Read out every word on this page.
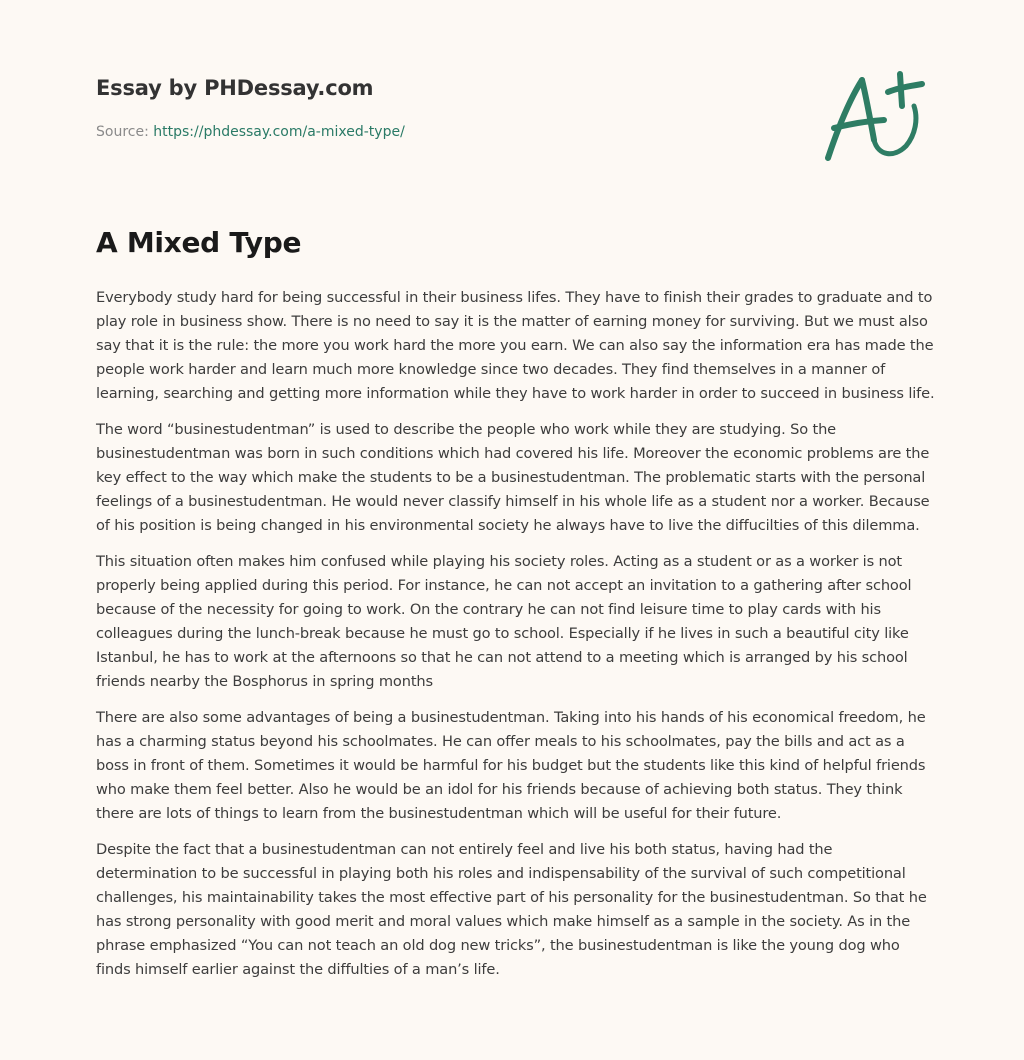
Essay by PHDessay.com
Source: https://phdessay.com/a-mixed-type/
A Mixed Type

Everybody study hard for being successful in their business lifes. They have to finish their grades to graduate and to play role in business show. There is no need to say it is the matter of earning money for surviving. But we must also say that it is the rule: the more you work hard the more you earn. We can also say the information era has made the people work harder and learn much more knowledge since two decades. They find themselves in a manner of learning, searching and getting more information while they have to work harder in order to succeed in business life.

The word “businestudentman” is used to describe the people who work while they are studying. So the businestudentman was born in such conditions which had covered his life. Moreover the economic problems are the key effect to the way which make the students to be a businestudentman. The problematic starts with the personal feelings of a businestudentman. He would never classify himself in his whole life as a student nor a worker. Because of his position is being changed in his environmental society he always have to live the diffucilties of this dilemma.

This situation often makes him confused while playing his society roles. Acting as a student or as a worker is not properly being applied during this period. For instance, he can not accept an invitation to a gathering after school because of the necessity for going to work. On the contrary he can not find leisure time to play cards with his colleagues during the lunch-break because he must go to school. Especially if he lives in such a beautiful city like Istanbul, he has to work at the afternoons so that he can not attend to a meeting which is arranged by his school friends nearby the Bosphorus in spring months

There are also some advantages of being a businestudentman. Taking into his hands of his economical freedom, he has a charming status beyond his schoolmates. He can offer meals to his schoolmates, pay the bills and act as a boss in front of them. Sometimes it would be harmful for his budget but the students like this kind of helpful friends who make them feel better. Also he would be an idol for his friends because of achieving both status. They think there are lots of things to learn from the businestudentman which will be useful for their future.

Despite the fact that a businestudentman can not entirely feel and live his both status, having had the determination to be successful in playing both his roles and indispensability of the survival of such competitional challenges, his maintainability takes the most effective part of his personality for the businestudentman. So that he has strong personality with good merit and moral values which make himself as a sample in the society. As in the phrase emphasized “You can not teach an old dog new tricks”, the businestudentman is like the young dog who finds himself earlier against the diffulties of a man’s life.
